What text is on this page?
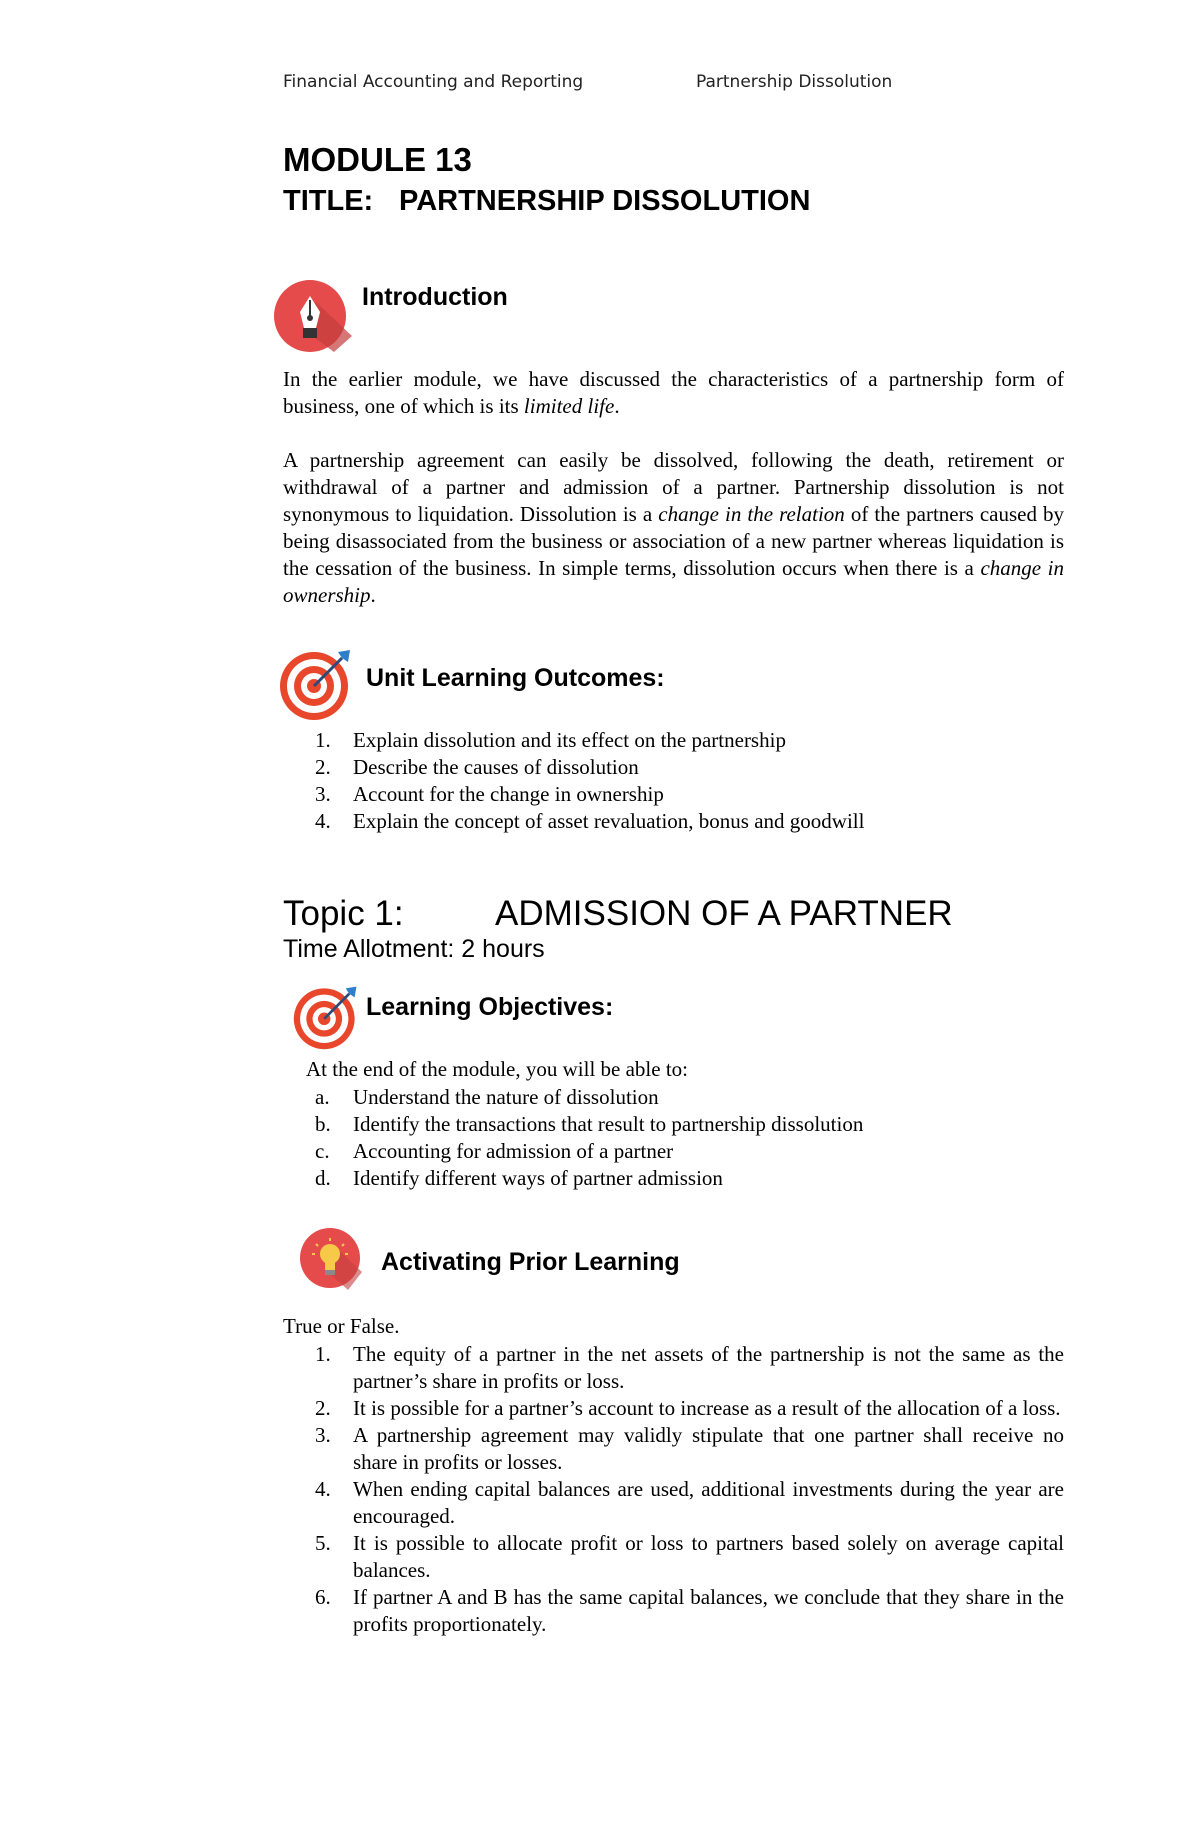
Financial Accounting and Reporting	Partnership Dissolution
MODULE 13
TITLE: PARTNERSHIP DISSOLUTION
Introduction

In the earlier module, we have discussed the characteristics of a partnership form of business, one of which is its limited life.

A partnership agreement can easily be dissolved, following the death, retirement or withdrawal of a partner and admission of a partner. Partnership dissolution is not synonymous to liquidation. Dissolution is a change in the relation of the partners caused by being disassociated from the business or association of a new partner whereas liquidation is the cessation of the business. In simple terms, dissolution occurs when there is a change in ownership.

Unit Learning Outcomes:
1. Explain dissolution and its effect on the partnership
2. Describe the causes of dissolution
3. Account for the change in ownership
4. Explain the concept of asset revaluation, bonus and goodwill
Topic 1:	ADMISSION OF A PARTNER
Time Allotment: 2 hours
Learning Objectives:
At the end of the module, you will be able to:
a. Understand the nature of dissolution
b. Identify the transactions that result to partnership dissolution
c. Accounting for admission of a partner
d. Identify different ways of partner admission
Activating Prior Learning
True or False.
1. The equity of a partner in the net assets of the partnership is not the same as the partner’s share in profits or loss.
2. It is possible for a partner’s account to increase as a result of the allocation of a loss.
3. A partnership agreement may validly stipulate that one partner shall receive no share in profits or losses.
4. When ending capital balances are used, additional investments during the year are encouraged.
5. It is possible to allocate profit or loss to partners based solely on average capital balances.
6. If partner A and B has the same capital balances, we conclude that they share in the profits proportionately.
